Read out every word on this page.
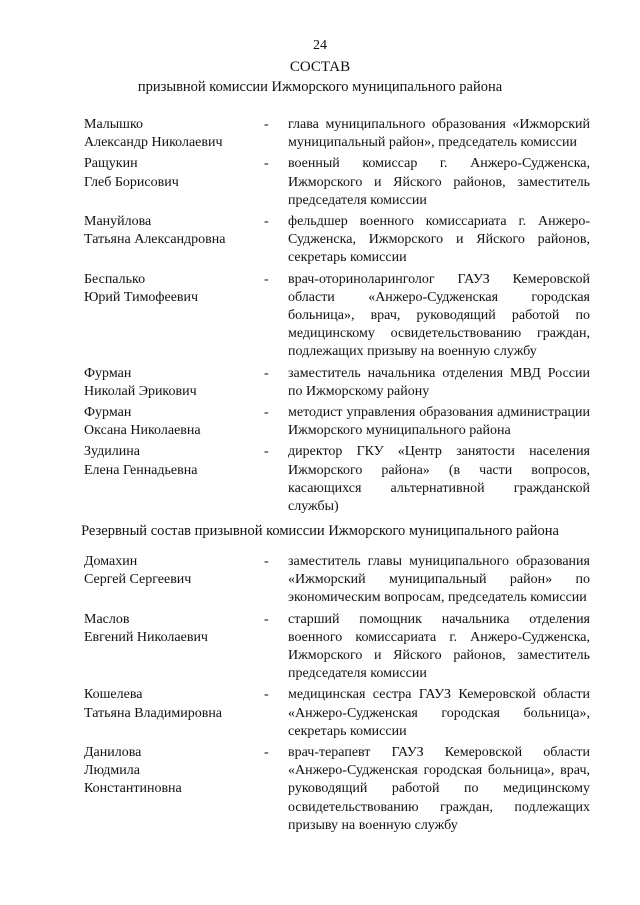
24
СОСТАВ
призывной комиссии Ижморского муниципального района
Малышко
Александр Николаевич
-	глава муниципального образования «Ижморский муниципальный район», председатель комиссии
Ращукин
Глеб Борисович
-	военный комиссар г. Анжеро-Судженска, Ижморского и Яйского районов, заместитель председателя комиссии
Мануйлова
Татьяна Александровна
-	фельдшер военного комиссариата г. Анжеро-Судженска, Ижморского и Яйского районов, секретарь комиссии
Беспалько
Юрий Тимофеевич
-	врач-оториноларинголог ГАУЗ Кемеровской области «Анжеро-Судженская городская больница», врач, руководящий работой по медицинскому освидетельствованию граждан, подлежащих призыву на военную службу
Фурман
Николай Эрикович
-	заместитель начальника отделения МВД России по Ижморскому району
Фурман
Оксана Николаевна
-	методист управления образования администрации Ижморского муниципального района
Зудилина
Елена Геннадьевна
-	директор ГКУ «Центр занятости населения Ижморского района» (в части вопросов, касающихся альтернативной гражданской службы)
Резервный состав призывной комиссии Ижморского муниципального района
Домахин
Сергей Сергеевич
-	заместитель главы муниципального образования «Ижморский муниципальный район» по экономическим вопросам, председатель комиссии
Маслов
Евгений Николаевич
-	старший помощник начальника отделения военного комиссариата г. Анжеро-Судженска, Ижморского и Яйского районов, заместитель председателя комиссии
Кошелева
Татьяна Владимировна
-	медицинская сестра ГАУЗ Кемеровской области «Анжеро-Судженская городская больница», секретарь комиссии
Данилова
Людмила
Константиновна
-	врач-терапевт ГАУЗ Кемеровской области «Анжеро-Судженская городская больница», врач, руководящий работой по медицинскому освидетельствованию граждан, подлежащих призыву на военную службу
